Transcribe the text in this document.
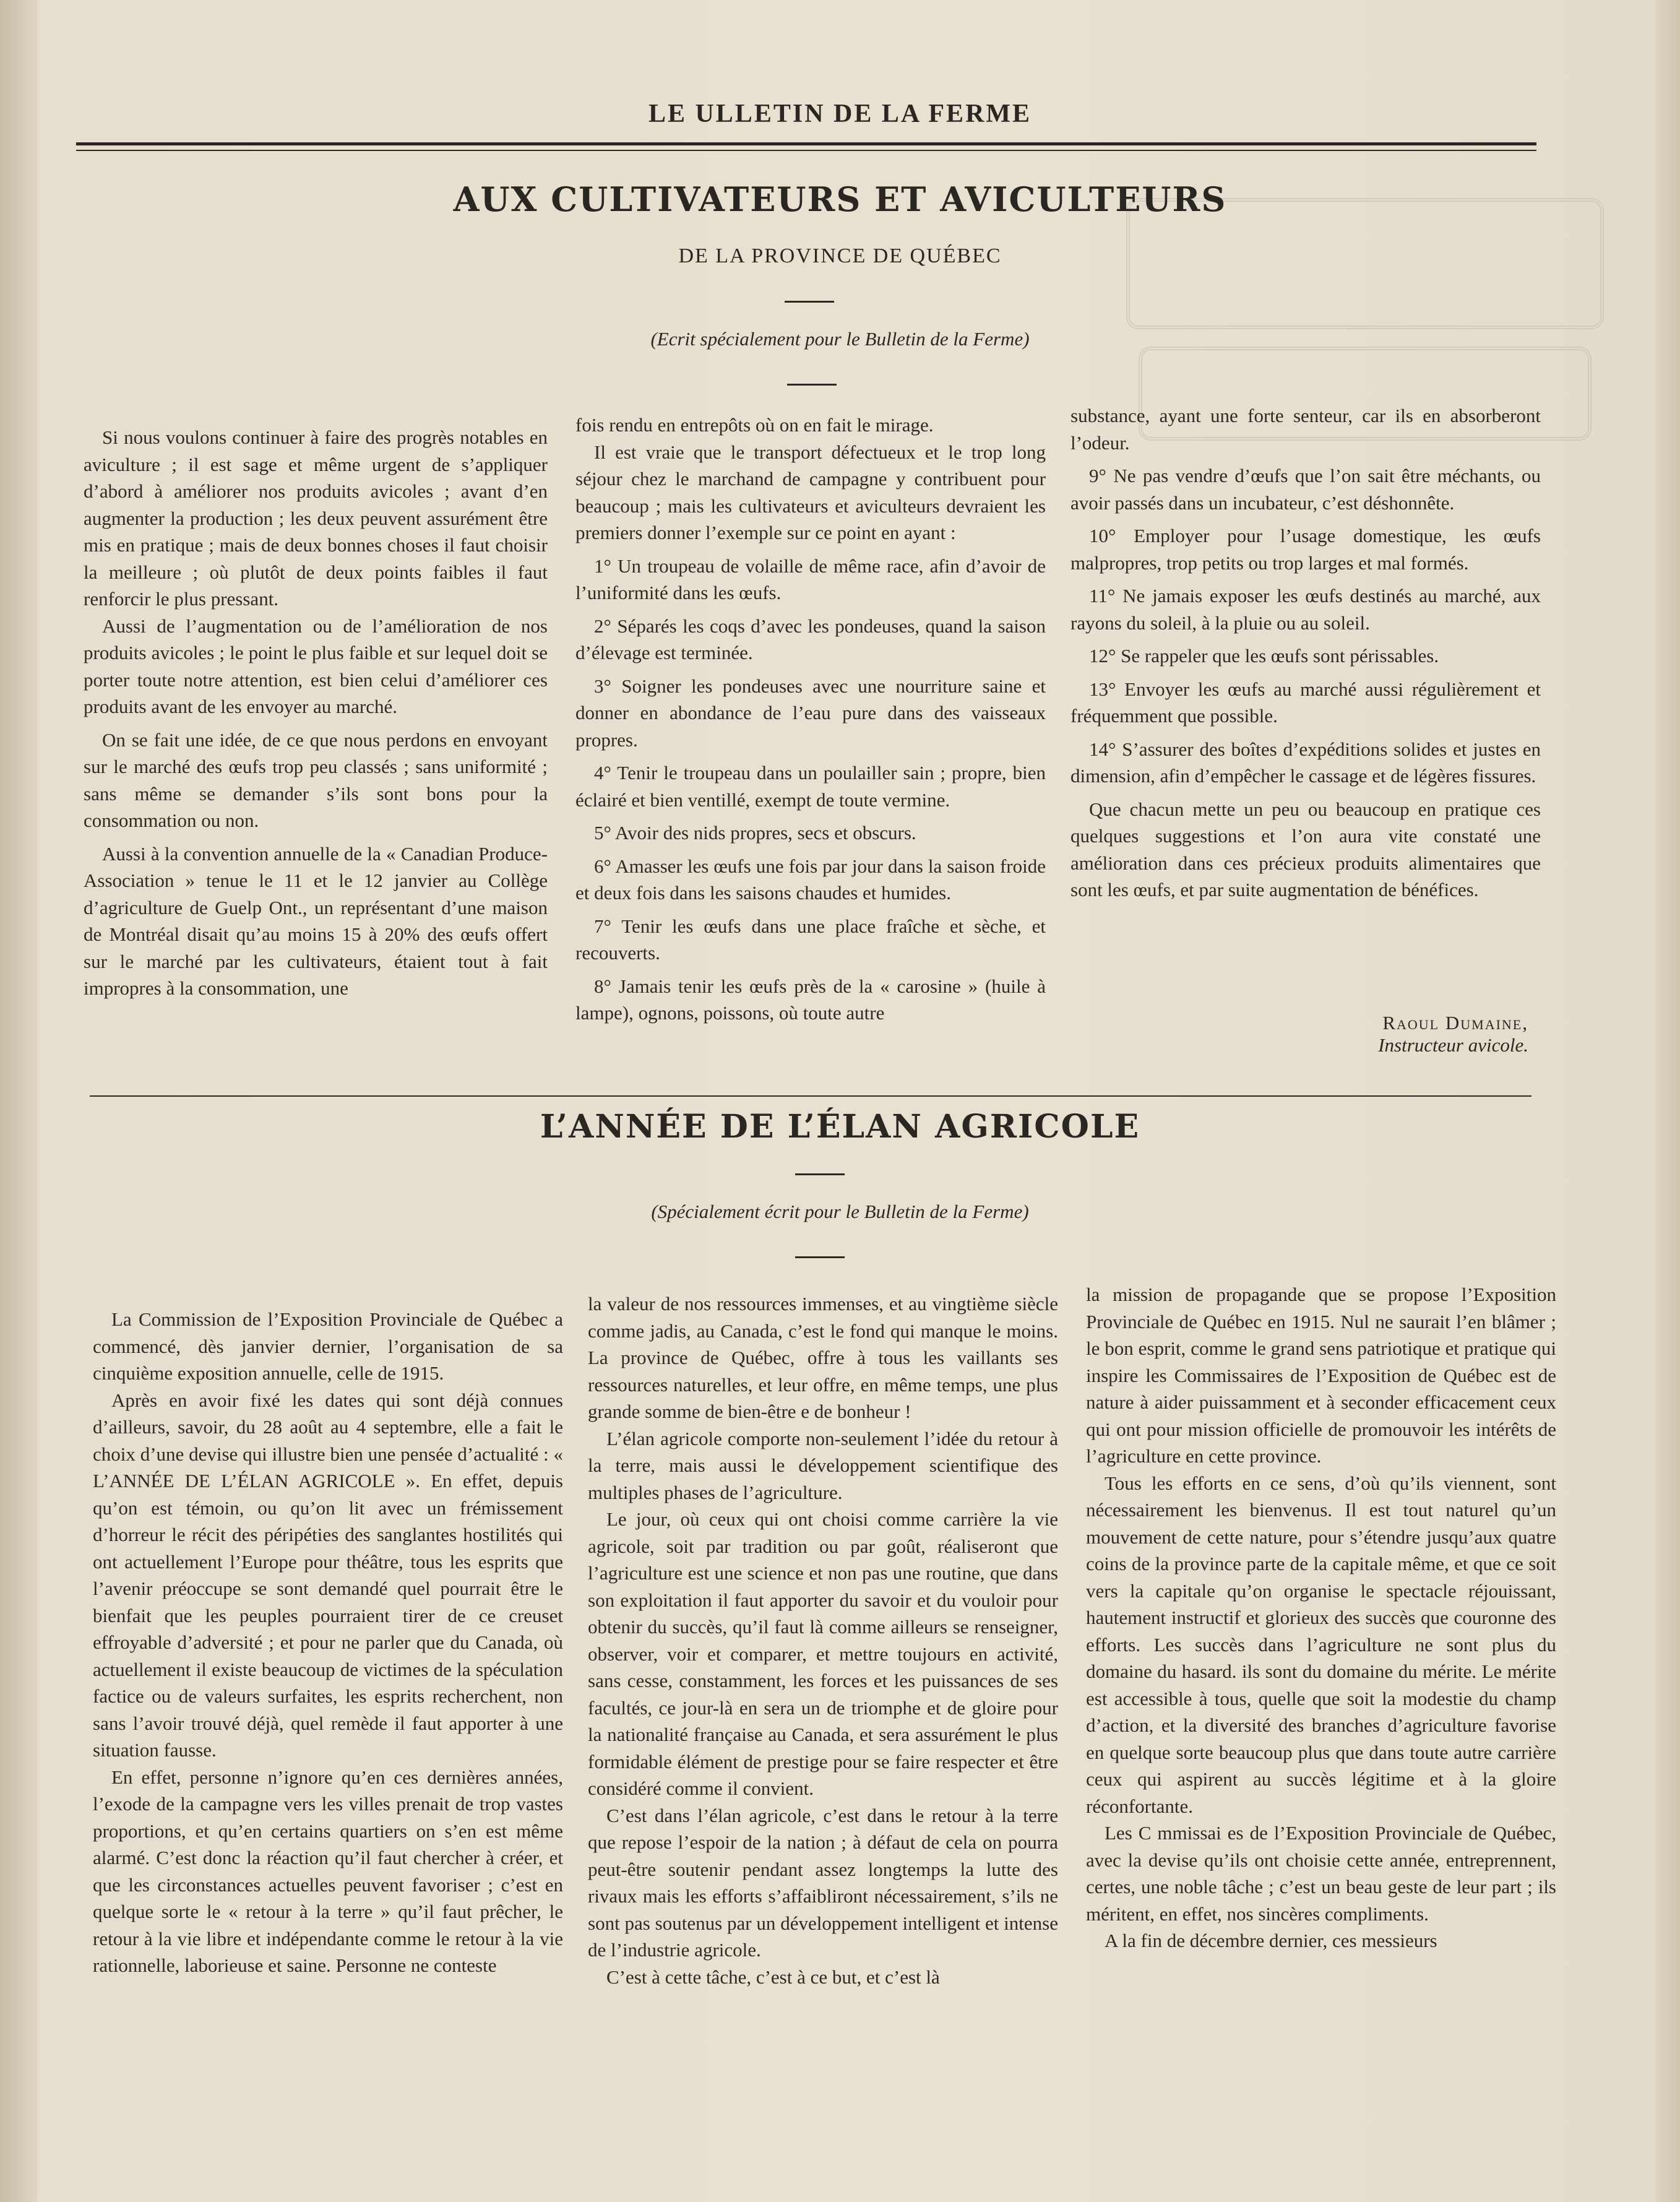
LE ULLETIN DE LA FERME
AUX CULTIVATEURS ET AVICULTEURS
DE LA PROVINCE DE QUÉBEC
(Ecrit spécialement pour le Bulletin de la Ferme)

Si nous voulons continuer à faire des progrès notables en aviculture ; il est sage et même urgent de s’appliquer d’abord à améliorer nos produits avicoles ; avant d’en augmenter la production ; les deux peuvent assurément être mis en pratique ; mais de deux bonnes choses il faut choisir la meilleure ; où plutôt de deux points faibles il faut renforcir le plus pressant.

Aussi de l’augmentation ou de l’amélioration de nos produits avicoles ; le point le plus faible et sur lequel doit se porter toute notre attention, est bien celui d’améliorer ces produits avant de les envoyer au marché.

On se fait une idée, de ce que nous perdons en envoyant sur le marché des œufs trop peu classés ; sans uniformité ; sans même se demander s’ils sont bons pour la consommation ou non.

Aussi à la convention annuelle de la « Canadian Produce-Association » tenue le 11 et le 12 janvier au Collège d’agriculture de Guelp Ont., un représentant d’une maison de Montréal disait qu’au moins 15 à 20% des œufs offert sur le marché par les cultivateurs, étaient tout à fait impropres à la consommation, une

fois rendu en entrepôts où on en fait le mirage.

Il est vraie que le transport défectueux et le trop long séjour chez le marchand de campagne y contribuent pour beaucoup ; mais les cultivateurs et aviculteurs devraient les premiers donner l’exemple sur ce point en ayant :

1° Un troupeau de volaille de même race, afin d’avoir de l’uniformité dans les œufs.

2° Séparés les coqs d’avec les pondeuses, quand la saison d’élevage est terminée.

3° Soigner les pondeuses avec une nourriture saine et donner en abondance de l’eau pure dans des vaisseaux propres.

4° Tenir le troupeau dans un poulailler sain ; propre, bien éclairé et bien ventillé, exempt de toute vermine.

5° Avoir des nids propres, secs et obscurs.

6° Amasser les œufs une fois par jour dans la saison froide et deux fois dans les saisons chaudes et humides.

7° Tenir les œufs dans une place fraîche et sèche, et recouverts.

8° Jamais tenir les œufs près de la « carosine » (huile à lampe), ognons, poissons, où toute autre

substance, ayant une forte senteur, car ils en absorberont l’odeur.

9° Ne pas vendre d’œufs que l’on sait être méchants, ou avoir passés dans un incubateur, c’est déshonnête.

10° Employer pour l’usage domestique, les œufs malpropres, trop petits ou trop larges et mal formés.

11° Ne jamais exposer les œufs destinés au marché, aux rayons du soleil, à la pluie ou au soleil.

12° Se rappeler que les œufs sont périssables.

13° Envoyer les œufs au marché aussi régulièrement et fréquemment que possible.

14° S’assurer des boîtes d’expéditions solides et justes en dimension, afin d’empêcher le cassage et de légères fissures.

Que chacun mette un peu ou beaucoup en pratique ces quelques suggestions et l’on aura vite constaté une amélioration dans ces précieux produits alimentaires que sont les œufs, et par suite augmentation de bénéfices.

Raoul Dumaine,
Instructeur avicole.
L’ANNÉE DE L’ÉLAN AGRICOLE
(Spécialement écrit pour le Bulletin de la Ferme)

La Commission de l’Exposition Provinciale de Québec a commencé, dès janvier dernier, l’organisation de sa cinquième exposition annuelle, celle de 1915.

Après en avoir fixé les dates qui sont déjà connues d’ailleurs, savoir, du 28 août au 4 septembre, elle a fait le choix d’une devise qui illustre bien une pensée d’actualité : « L’ANNÉE DE L’ÉLAN AGRICOLE ». En effet, depuis qu’on est témoin, ou qu’on lit avec un frémissement d’horreur le récit des péripéties des sanglantes hostilités qui ont actuellement l’Europe pour théâtre, tous les esprits que l’avenir préoccupe se sont demandé quel pourrait être le bienfait que les peuples pourraient tirer de ce creuset effroyable d’adversité ; et pour ne parler que du Canada, où actuellement il existe beaucoup de victimes de la spéculation factice ou de valeurs surfaites, les esprits recherchent, non sans l’avoir trouvé déjà, quel remède il faut apporter à une situation fausse.

En effet, personne n’ignore qu’en ces dernières années, l’exode de la campagne vers les villes prenait de trop vastes proportions, et qu’en certains quartiers on s’en est même alarmé. C’est donc la réaction qu’il faut chercher à créer, et que les circonstances actuelles peuvent favoriser ; c’est en quelque sorte le « retour à la terre » qu’il faut prêcher, le retour à la vie libre et indépendante comme le retour à la vie rationnelle, laborieuse et saine. Personne ne conteste

la valeur de nos ressources immenses, et au vingtième siècle comme jadis, au Canada, c’est le fond qui manque le moins. La province de Québec, offre à tous les vaillants ses ressources naturelles, et leur offre, en même temps, une plus grande somme de bien-être e de bonheur !

L’élan agricole comporte non-seulement l’idée du retour à la terre, mais aussi le développement scientifique des multiples phases de l’agriculture.

Le jour, où ceux qui ont choisi comme carrière la vie agricole, soit par tradition ou par goût, réaliseront que l’agriculture est une science et non pas une routine, que dans son exploitation il faut apporter du savoir et du vouloir pour obtenir du succès, qu’il faut là comme ailleurs se renseigner, observer, voir et comparer, et mettre toujours en activité, sans cesse, constamment, les forces et les puissances de ses facultés, ce jour-là en sera un de triomphe et de gloire pour la nationalité française au Canada, et sera assurément le plus formidable élément de prestige pour se faire respecter et être considéré comme il convient.

C’est dans l’élan agricole, c’est dans le retour à la terre que repose l’espoir de la nation ; à défaut de cela on pourra peut-être soutenir pendant assez longtemps la lutte des rivaux mais les efforts s’affaibliront nécessairement, s’ils ne sont pas soutenus par un développement intelligent et intense de l’industrie agricole.

C’est à cette tâche, c’est à ce but, et c’est là

la mission de propagande que se propose l’Exposition Provinciale de Québec en 1915. Nul ne saurait l’en blâmer ; le bon esprit, comme le grand sens patriotique et pratique qui inspire les Commissaires de l’Exposition de Québec est de nature à aider puissamment et à seconder efficacement ceux qui ont pour mission officielle de promouvoir les intérêts de l’agriculture en cette province.

Tous les efforts en ce sens, d’où qu’ils viennent, sont nécessairement les bienvenus. Il est tout naturel qu’un mouvement de cette nature, pour s’étendre jusqu’aux quatre coins de la province parte de la capitale même, et que ce soit vers la capitale qu’on organise le spectacle réjouissant, hautement instructif et glorieux des succès que couronne des efforts. Les succès dans l’agriculture ne sont plus du domaine du hasard. ils sont du domaine du mérite. Le mérite est accessible à tous, quelle que soit la modestie du champ d’action, et la diversité des branches d’agriculture favorise en quelque sorte beaucoup plus que dans toute autre carrière ceux qui aspirent au succès légitime et à la gloire réconfortante.

Les C mmissai es de l’Exposition Provinciale de Québec, avec la devise qu’ils ont choisie cette année, entreprennent, certes, une noble tâche ; c’est un beau geste de leur part ; ils méritent, en effet, nos sincères compliments.

A la fin de décembre dernier, ces messieurs
